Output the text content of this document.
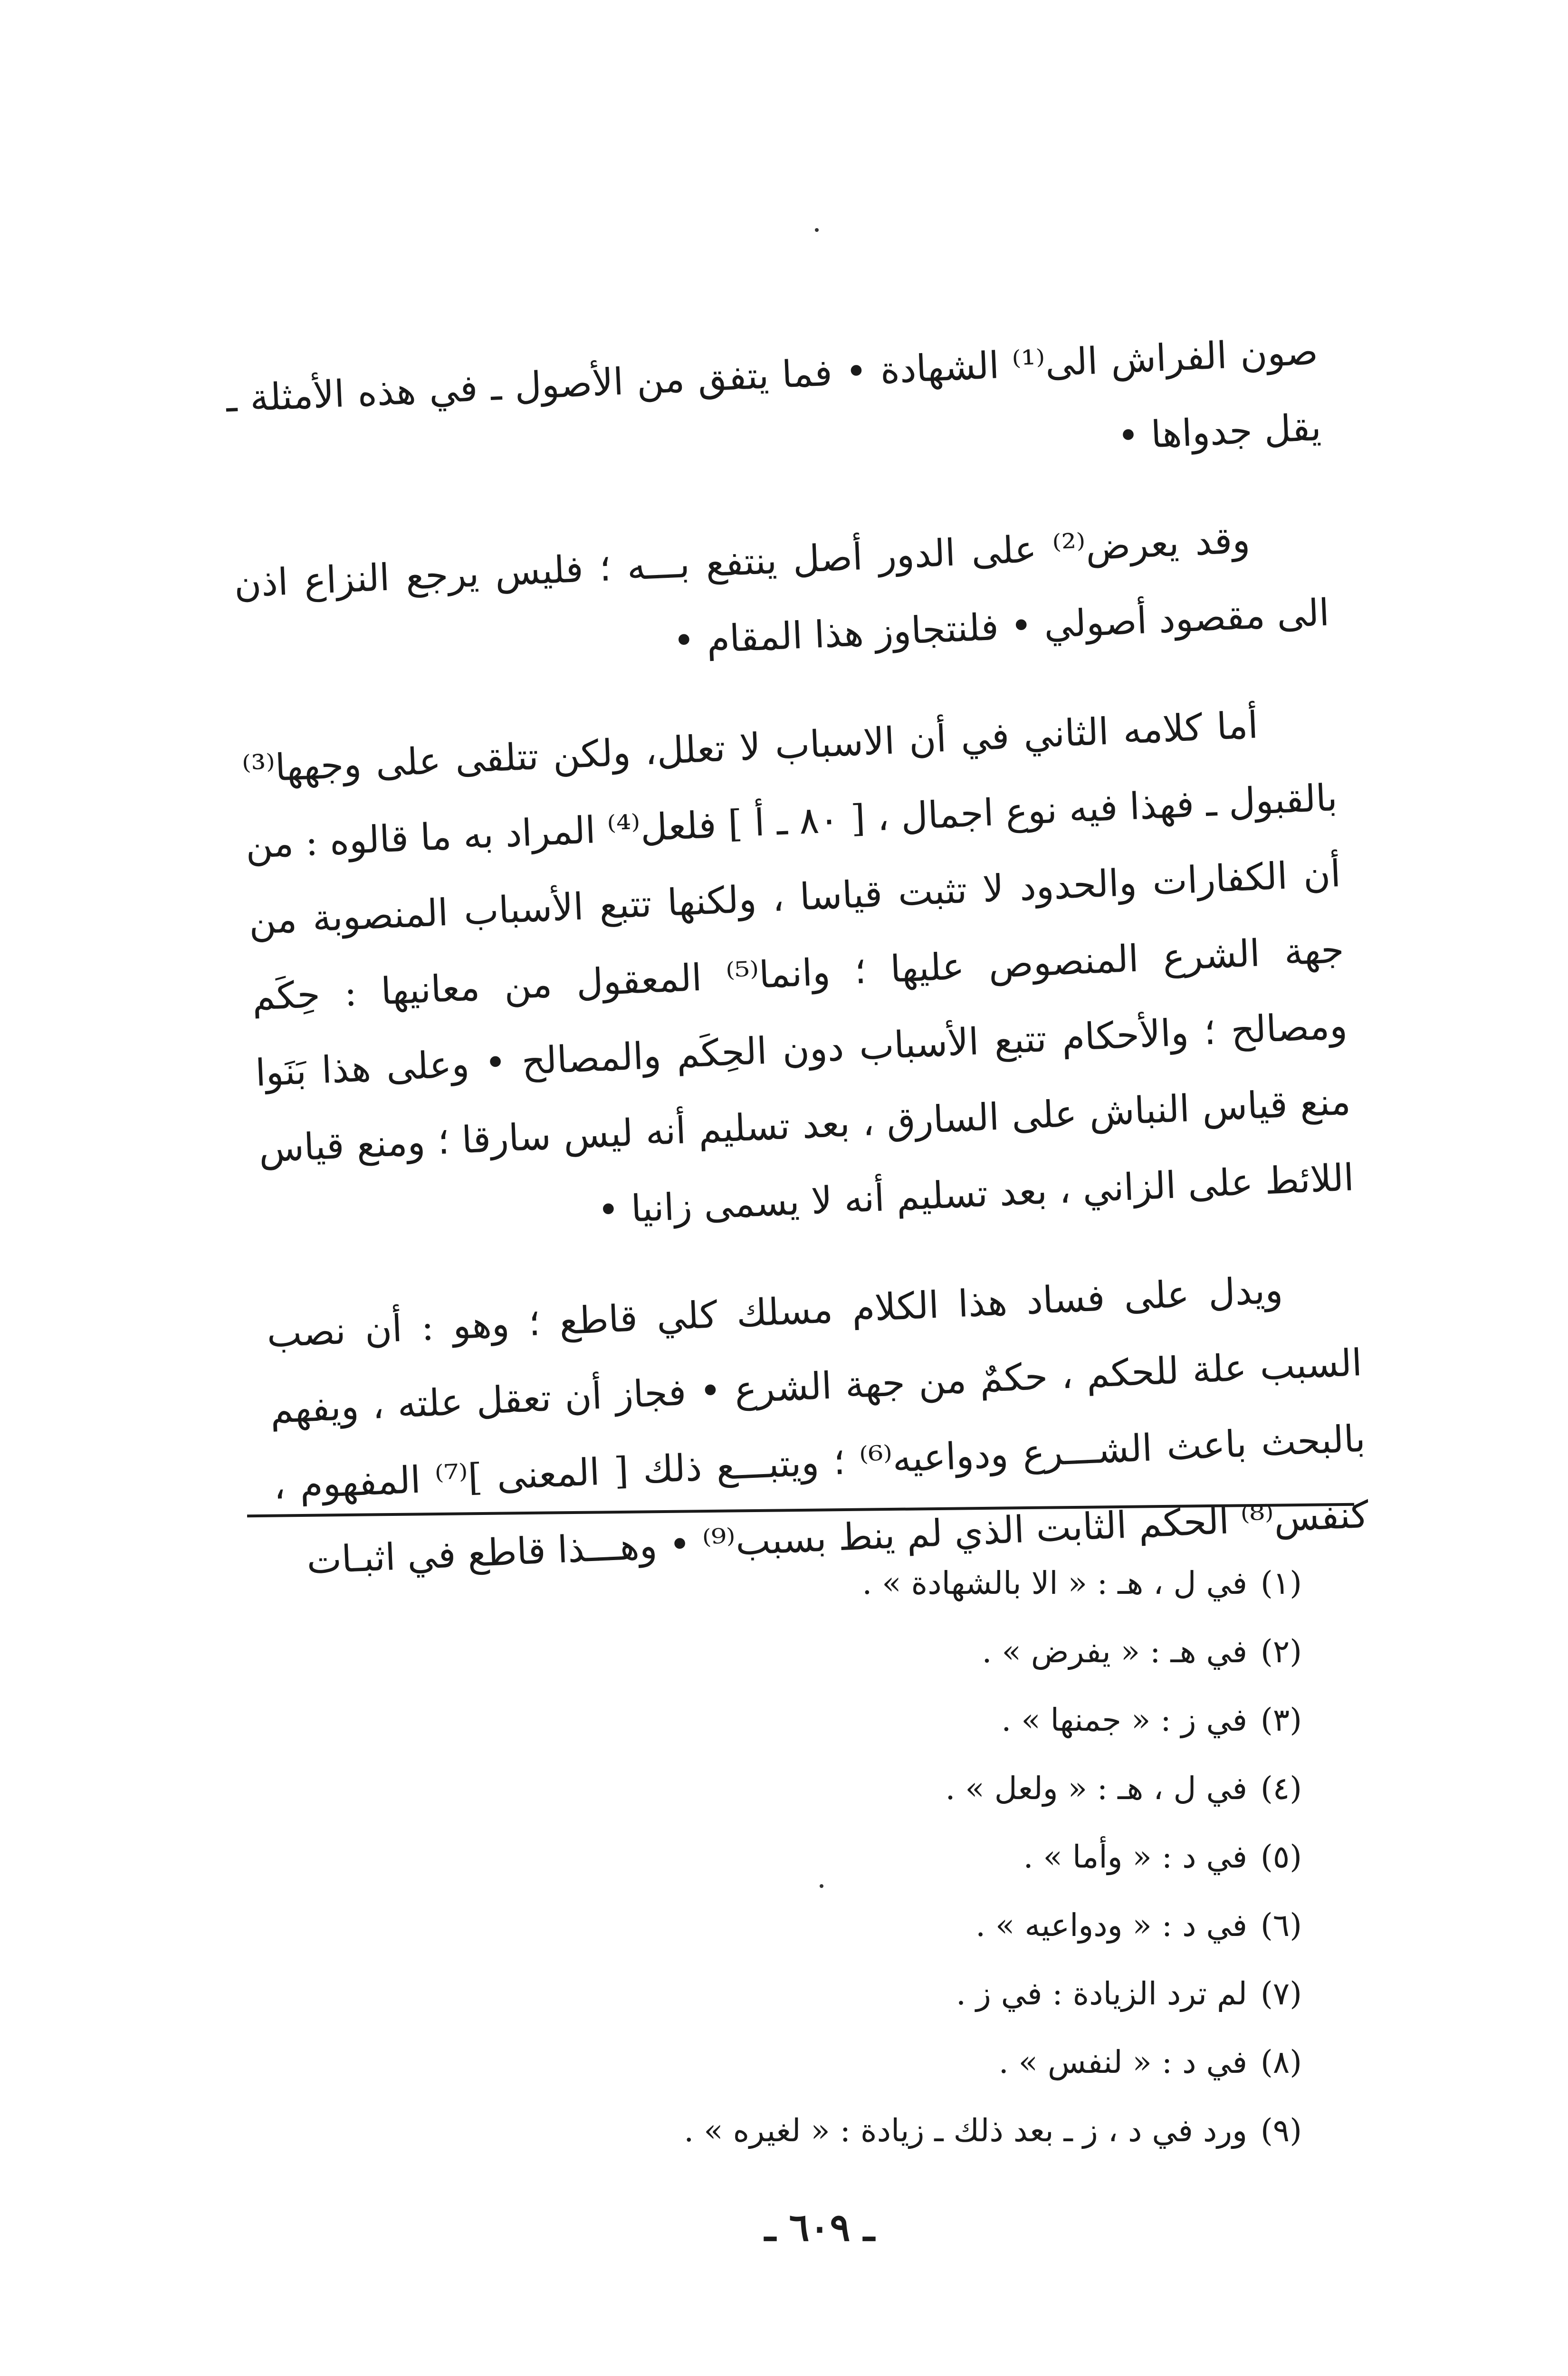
صون الفراش الى⁽¹⁾ الشهادة • فما يتفق من الأصول ـ في هذه الأمثلة ـ يقل جدواها •

وقد يعرض⁽²⁾ على الدور أصل ينتفع بـــه ؛ فليس يرجع النزاع اذن الى مقصود أصولي • فلنتجاوز هذا المقام •

أما كلامه الثاني في أن الاسباب لا تعلل، ولكن تتلقى على وجهها⁽³⁾ بالقبول ـ فهذا فيه نوع اجمال ، [ ٨٠ ـ أ ] فلعل⁽⁴⁾ المراد به ما قالوه : من أن الكفارات والحدود لا تثبت قياسا ، ولكنها تتبع الأسباب المنصوبة من جهة الشرع المنصوص عليها ؛ وانما⁽⁵⁾ المعقول من معانيها : حِكَم ومصالح ؛ والأحكام تتبع الأسباب دون الحِكَم والمصالح • وعلى هذا بَنَوا منع قياس النباش على السارق ، بعد تسليم أنه ليس سارقا ؛ ومنع قياس اللائط على الزاني ، بعد تسليم أنه لا يسمى زانيا •

ويدل على فساد هذا الكلام مسلك كلي قاطع ؛ وهو : أن نصب السبب علة للحكم ، حكمٌ من جهة الشرع • فجاز أن تعقل علته ، ويفهم بالبحث باعث الشـــرع ودواعيه⁽⁶⁾ ؛ ويتبـــع ذلك [ المعنى ]⁽⁷⁾ المفهوم ، كنفس⁽⁸⁾ الحكم الثابت الذي لم ينط بسبب⁽⁹⁾ • وهـــذا قاطع في اثبـات

(١)في ل ، هـ : « الا بالشهادة » .
(٢)في هـ : « يفرض » .
(٣)في ز : « جمنها » .
(٤)في ل ، هـ : « ولعل » .
(٥)في د : « وأما » .
(٦)في د : « ودواعيه » .
(٧)لم ترد الزيادة : في ز .
(٨)في د : « لنفس » .
(٩)ورد في د ، ز ـ بعد ذلك ـ زيادة : « لغيره » .
ـ ٦٠٩ ـ
